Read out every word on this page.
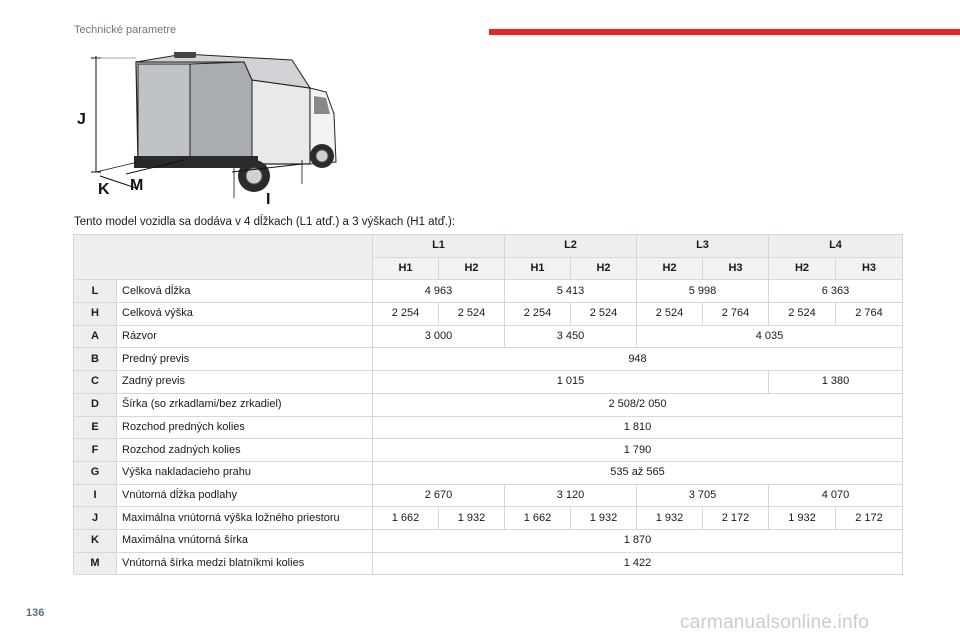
Technické parametre
J
K M
I
Tento model vozidla sa dodáva v 4 dĺžkach (L1 atď.) a 3 výškach (H1 atď.):
		L1		L2		L3		L4	
		H1	H2	H1	H2	H2	H3	H2	H3
L	Celková dĺžka	4 963		5 413		5 998		6 363	
H	Celková výška	2 254	2 524	2 254	2 524	2 524	2 764	2 524	2 764
A	Rázvor	3 000		3 450		4 035			
B	Predný previs	948							
C	Zadný previs	1 015						1 380	
D	Šírka (so zrkadlami/bez zrkadiel)	2 508/2 050							
E	Rozchod predných kolies	1 810							
F	Rozchod zadných kolies	1 790							
G	Výška nakladacieho prahu	535 až 565							
I	Vnútorná dĺžka podlahy	2 670		3 120		3 705		4 070	
J	Maximálna vnútorná výška ložného priestoru	1 662	1 932	1 662	1 932	1 932	2 172	1 932	2 172
K	Maximálna vnútorná šírka	1 870							
M	Vnútorná šírka medzi blatníkmi kolies	1 422							
136	carmanualsonline.info
